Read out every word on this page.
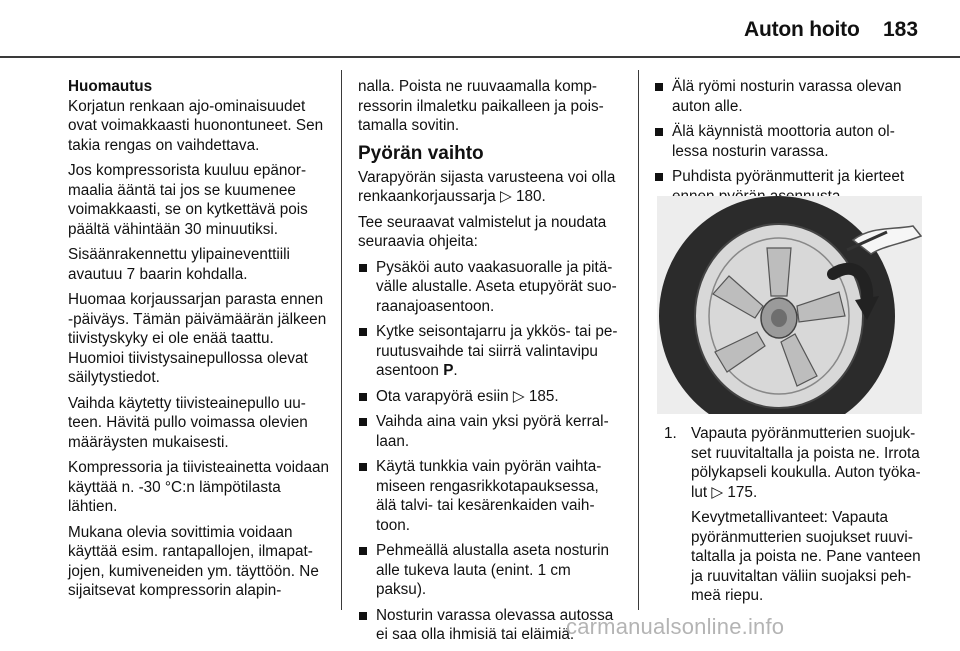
Auton hoito 183

Huomautus
Korjatun renkaan ajo-ominaisuudet ovat voimakkaasti huonontuneet. Sen takia rengas on vaihdettava.

Jos kompressorista kuuluu epänormaalia ääntä tai jos se kuumenee voimakkaasti, se on kytkettävä pois päältä vähintään 30 minuutiksi.

Sisäänrakennettu ylipaineventtiili avautuu 7 baarin kohdalla.

Huomaa korjaussarjan parasta ennen -päiväys. Tämän päivämäärän jälkeen tiivistyskyky ei ole enää taattu. Huomioi tiivistysainepullossa olevat säilytystiedot.

Vaihda käytetty tiivisteainepullo uuteen. Hävitä pullo voimassa olevien määräysten mukaisesti.

Kompressoria ja tiivisteainetta voidaan käyttää n. -30 °C:n lämpötilasta lähtien.

Mukana olevia sovittimia voidaan käyttää esim. rantapallojen, ilmapatjojen, kumiveneiden ym. täyttöön. Ne sijaitsevat kompressorin alapin-

nalla. Poista ne ruuvaamalla kompressorin ilmaletku paikalleen ja poistamalla sovitin.

Pyörän vaihto

Varapyörän sijasta varusteena voi olla renkaankorjaussarja ▷ 180.

Tee seuraavat valmistelut ja noudata seuraavia ohjeita:

Pysäköi auto vaakasuoralle ja pitävälle alustalle. Aseta etupyörät suoraanajoasentoon.
Kytke seisontajarru ja ykkös- tai peruutusvaihde tai siirrä valintavipu asentoon P.
Ota varapyörä esiin ▷ 185.
Vaihda aina vain yksi pyörä kerrallaan.
Käytä tunkkia vain pyörän vaihtamiseen rengasrikkotapauksessa, älä talvi- tai kesärenkaiden vaihtoon.
Pehmeällä alustalla aseta nosturin alle tukeva lauta (enint. 1 cm paksu).
Nosturin varassa olevassa autossa ei saa olla ihmisiä tai eläimiä.
Älä ryömi nosturin varassa olevan auton alle.
Älä käynnistä moottoria auton ollessa nosturin varassa.
Puhdista pyöränmutterit ja kierteet
1. Vapauta pyöränmutterien suojukset ruuvitaltalla ja poista ne. Irrota pölykapseli koukulla. Auton työkalut ▷ 175.

Kevytmetallivanteet: Vapauta pyöränmutterien suojukset ruuvitaltalla ja poista ne. Pane vanteen ja ruuvitaltan väliin suojaksi pehmeä riepu.

carmanualsonline.info
